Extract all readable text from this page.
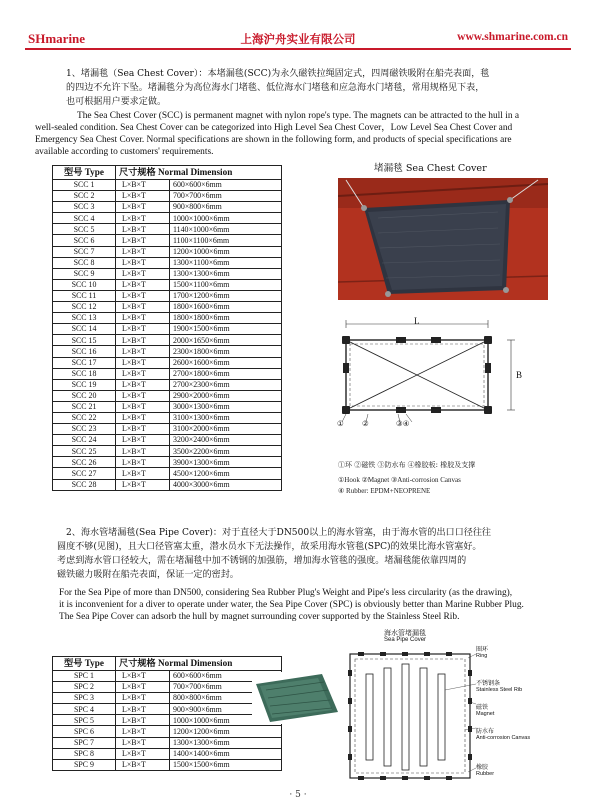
SHmarine	上海沪舟实业有限公司	www.shmarine.com.cn
1、堵漏毯（Sea Chest Cover）：本堵漏毯(SCC)为永久磁铁拉绳固定式，四周磁铁吸附在船壳表面，毯
的四边不允许下坠。堵漏毯分为高位海水门堵毯、低位海水门堵毯和应急海水门堵毯，常用规格见下表，
也可根据用户要求定做。
The Sea Chest Cover (SCC) is permanent magnet with nylon rope's type. The magnets can be attracted to the hull in a
well-sealed condition. Sea Chest Cover can be categorized into High Level Sea Chest Cover，Low Level Sea Chest Cover and
Emergency Sea Chest Cover. Normal specifications are shown in the following form, and products of special specifications are
available according to customers' requirements.
型号 Type	尺寸规格 Normal Dimension	
SCC 1	L×B×T	600×600×6mm
SCC 2	L×B×T	700×700×6mm
SCC 3	L×B×T	900×800×6mm
SCC 4	L×B×T	1000×1000×6mm
SCC 5	L×B×T	1140×1000×6mm
SCC 6	L×B×T	1100×1100×6mm
SCC 7	L×B×T	1200×1000×6mm
SCC 8	L×B×T	1300×1100×6mm
SCC 9	L×B×T	1300×1300×6mm
SCC 10	L×B×T	1500×1100×6mm
SCC 11	L×B×T	1700×1200×6mm
SCC 12	L×B×T	1800×1600×6mm
SCC 13	L×B×T	1800×1800×6mm
SCC 14	L×B×T	1900×1500×6mm
SCC 15	L×B×T	2000×1650×6mm
SCC 16	L×B×T	2300×1800×6mm
SCC 17	L×B×T	2600×1600×6mm
SCC 18	L×B×T	2700×1800×6mm
SCC 19	L×B×T	2700×2300×6mm
SCC 20	L×B×T	2900×2000×6mm
SCC 21	L×B×T	3000×1300×6mm
SCC 22	L×B×T	3100×1300×6mm
SCC 23	L×B×T	3100×2000×6mm
SCC 24	L×B×T	3200×2400×6mm
SCC 25	L×B×T	3500×2200×6mm
SCC 26	L×B×T	3900×1300×6mm
SCC 27	L×B×T	4500×1200×6mm
SCC 28	L×B×T	4000×3000×6mm
堵漏毯 Sea Chest Cover
L
B
① ②	③④
①环 ②磁铁 ③防水布 ④橡胶板: 橡胶及支撑
①Hook ②Magnet ③Anti-corrosion Canvas
④ Rubber: EPDM+NEOPRENE
2、海水管堵漏毯(Sea Pipe Cover)：对于直径大于DN500以上的海水管塞，由于海水管的出口口径往往
圆度不够(见图)，且大口径管塞太重，潜水员水下无法操作，故采用海水管毯(SPC)的效果比海水管塞好。
考虑到海水管口径较大，需在堵漏毯中加不锈钢的加强筋，增加海水管毯的强度。堵漏毯能依靠四周的
磁铁磁力吸附在船壳表面，保证一定的密封。
For the Sea Pipe of more than DN500, considering Sea Rubber Plug's Weight and Pipe's less circularity (as the drawing),
it is inconvenient for a diver to operate under water, the Sea Pipe Cover (SPC) is obviously better than Marine Rubber Plug.
The Sea Pipe Cover can adsorb the hull by magnet surrounding cover supported by the Stainless Steel Rib.
型号 Type	尺寸规格 Normal Dimension	
SPC 1	L×B×T	600×600×6mm
SPC 2	L×B×T	700×700×6mm
SPC 3	L×B×T	800×800×6mm
SPC 4	L×B×T	900×900×6mm
SPC 5	L×B×T	1000×1000×6mm
SPC 6	L×B×T	1200×1200×6mm
SPC 7	L×B×T	1300×1300×6mm
SPC 8	L×B×T	1400×1400×6mm
SPC 9	L×B×T	1500×1500×6mm
海水管堵漏毯
Sea Pipe Cover
圈环
Ring
不锈钢条
Stainless Steel Rib
磁铁
Magnet
防水布
Anti-corrosion Canvas
橡胶
Rubber
· 5 ·
